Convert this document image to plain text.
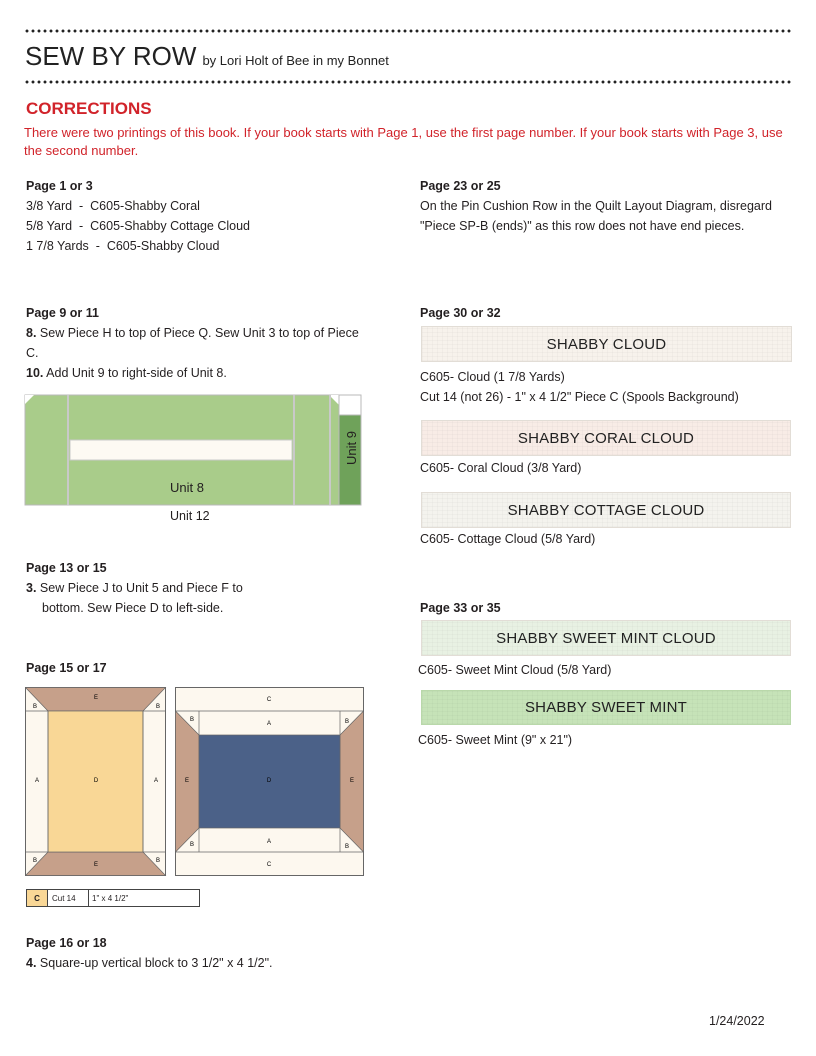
SEW BY ROW by Lori Holt of Bee in my Bonnet
CORRECTIONS
There were two printings of this book. If your book starts with Page 1, use the first page number. If your book starts with Page 3, use the second number.
Page 1 or 3
3/8 Yard  -  C605-Shabby Coral
5/8 Yard  -  C605-Shabby Cottage Cloud
1 7/8 Yards  -  C605-Shabby Cloud
Page 9 or 11
8. Sew Piece H to top of Piece Q. Sew Unit 3 to top of Piece C.
10. Add Unit 9 to right-side of Unit 8.
Unit 8
Unit 9
Unit 12
Page 13 or 15
3. Sew Piece J to Unit 5 and Piece F to
bottom. Sew Piece D to left-side.
Page 15 or 17
E
E
A	A
D
B	B
B	B
C
C
A
A
E	E
D
B	B
B	B
C	Cut 14	1" x 4 1/2"
Page 16 or 18
4. Square-up vertical block to 3 1/2" x 4 1/2".
Page 23 or 25
On the Pin Cushion Row in the Quilt Layout Diagram, disregard "Piece SP-B (ends)" as this row does not have end pieces.
Page 30 or 32
SHABBY CLOUD
C605- Cloud (1 7/8 Yards)
Cut 14 (not 26) - 1" x 4 1/2" Piece C (Spools Background)
SHABBY CORAL CLOUD
C605- Coral Cloud (3/8 Yard)
SHABBY COTTAGE CLOUD
C605- Cottage Cloud (5/8 Yard)
Page 33 or 35
SHABBY SWEET MINT CLOUD
C605- Sweet Mint Cloud (5/8 Yard)
SHABBY SWEET MINT
C605- Sweet Mint (9" x 21")
1/24/2022
